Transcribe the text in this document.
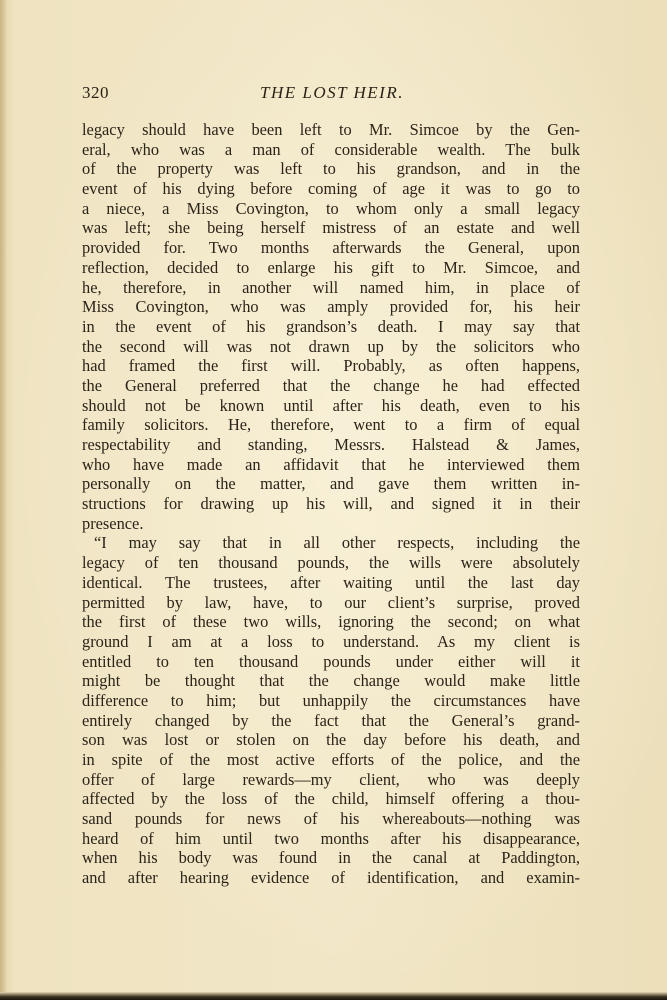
320	THE LOST HEIR.
legacy should have been left to Mr. Simcoe by the Gen-
eral, who was a man of considerable wealth. The bulk
of the property was left to his grandson, and in the
event of his dying before coming of age it was to go to
a niece, a Miss Covington, to whom only a small legacy
was left; she being herself mistress of an estate and well
provided for. Two months afterwards the General, upon
reflection, decided to enlarge his gift to Mr. Simcoe, and
he, therefore, in another will named him, in place of
Miss Covington, who was amply provided for, his heir
in the event of his grandson’s death. I may say that
the second will was not drawn up by the solicitors who
had framed the first will. Probably, as often happens,
the General preferred that the change he had effected
should not be known until after his death, even to his
family solicitors. He, therefore, went to a firm of equal
respectability and standing, Messrs. Halstead & James,
who have made an affidavit that he interviewed them
personally on the matter, and gave them written in-
structions for drawing up his will, and signed it in their
presence.
“I may say that in all other respects, including the
legacy of ten thousand pounds, the wills were absolutely
identical. The trustees, after waiting until the last day
permitted by law, have, to our client’s surprise, proved
the first of these two wills, ignoring the second; on what
ground I am at a loss to understand. As my client is
entitled to ten thousand pounds under either will it
might be thought that the change would make little
difference to him; but unhappily the circumstances have
entirely changed by the fact that the General’s grand-
son was lost or stolen on the day before his death, and
in spite of the most active efforts of the police, and the
offer of large rewards—my client, who was deeply
affected by the loss of the child, himself offering a thou-
sand pounds for news of his whereabouts—nothing was
heard of him until two months after his disappearance,
when his body was found in the canal at Paddington,
and after hearing evidence of identification, and examin-
